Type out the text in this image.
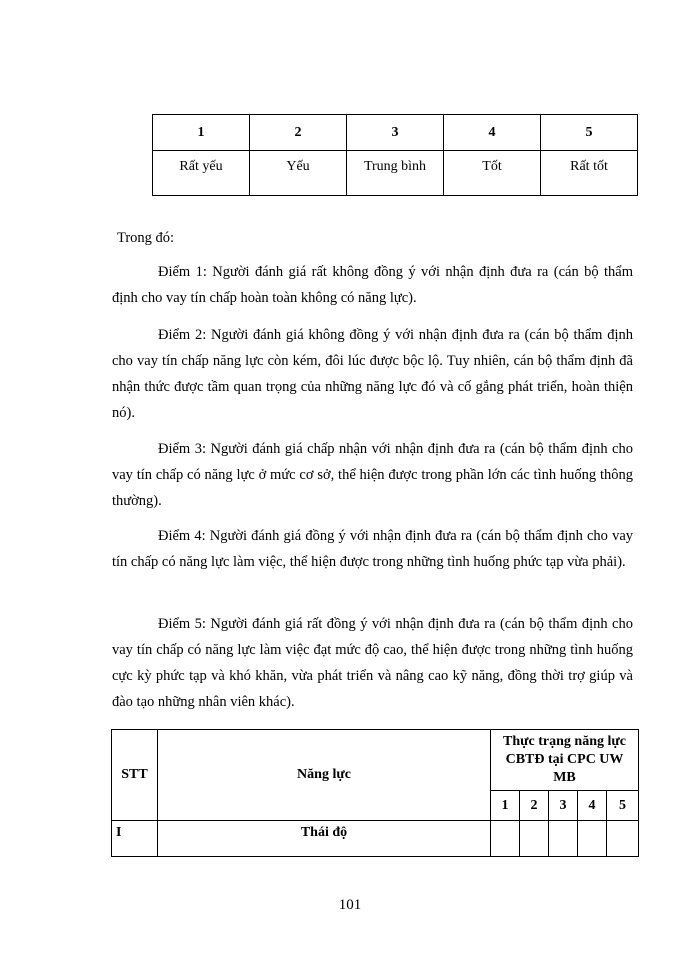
1	2	3	4	5
Rất yếu	Yếu	Trung bình	Tốt	Rất tốt

Trong đó:

Điểm 1: Người đánh giá rất không đồng ý với nhận định đưa ra (cán bộ thẩm định cho vay tín chấp hoàn toàn không có năng lực).

Điểm 2: Người đánh giá không đồng ý với nhận định đưa ra (cán bộ thẩm định cho vay tín chấp năng lực còn kém, đôi lúc được bộc lộ. Tuy nhiên, cán bộ thẩm định đã nhận thức được tầm quan trọng của những năng lực đó và cố gắng phát triển, hoàn thiện nó).

Điểm 3: Người đánh giá chấp nhận với nhận định đưa ra (cán bộ thẩm định cho vay tín chấp có năng lực ở mức cơ sở, thể hiện được trong phần lớn các tình huống thông thường).

Điểm 4: Người đánh giá đồng ý với nhận định đưa ra (cán bộ thẩm định cho vay tín chấp có năng lực làm việc, thể hiện được trong những tình huống phức tạp vừa phải).

Điểm 5: Người đánh giá rất đồng ý với nhận định đưa ra (cán bộ thẩm định cho vay tín chấp có năng lực làm việc đạt mức độ cao, thể hiện được trong những tình huống cực kỳ phức tạp và khó khăn, vừa phát triển và nâng cao kỹ năng, đồng thời trợ giúp và đào tạo những nhân viên khác).

STT	Năng lực	Thực trạng năng lực CBTĐ tại CPC UW MB				
		1	2	3	4	5
I	Thái độ					
101
